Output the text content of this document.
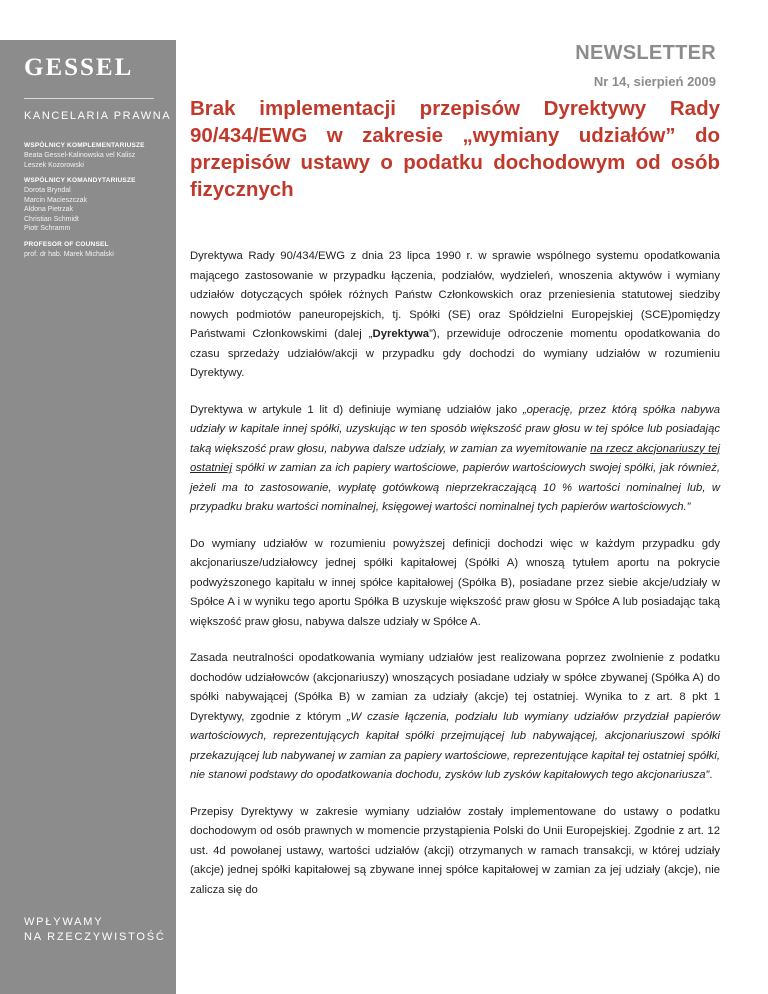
GESSEL
KANCELARIA PRAWNA
WSPÓLNICY KOMPLEMENTARIUSZE
Beata Gessel-Kalinowska vel Kalisz
Leszek Kozorowski
WSPÓLNICY KOMANDYTARIUSZE
Dorota Bryndal
Marcin Macieszczak
Aldona Pietrzak
Christian Schmidt
Piotr Schramm
PROFESOR OF COUNSEL
prof. dr hab. Marek Michalski
WPŁYWAMY
NA RZECZYWISTOŚĆ
NEWSLETTER
Nr 14, sierpień 2009
Brak implementacji przepisów Dyrektywy Rady 90/434/EWG w zakresie „wymiany udziałów” do przepisów ustawy o podatku dochodowym od osób fizycznych

Dyrektywa Rady 90/434/EWG z dnia 23 lipca 1990 r. w sprawie wspólnego systemu opodatkowania mającego zastosowanie w przypadku łączenia, podziałów, wydzieleń, wnoszenia aktywów i wymiany udziałów dotyczących spółek różnych Państw Członkowskich oraz przeniesienia statutowej siedziby nowych podmiotów paneuropejskich, tj. Spółki (SE) oraz Spółdzielni Europejskiej (SCE)pomiędzy Państwami Członkowskimi (dalej „Dyrektywa”), przewiduje odroczenie momentu opodatkowania do czasu sprzedaży udziałów/akcji w przypadku gdy dochodzi do wymiany udziałów w rozumieniu Dyrektywy.

Dyrektywa w artykule 1 lit d) definiuje wymianę udziałów jako „operację, przez którą spółka nabywa udziały w kapitale innej spółki, uzyskując w ten sposób większość praw głosu w tej spółce lub posiadając taką większość praw głosu, nabywa dalsze udziały, w zamian za wyemitowanie na rzecz akcjonariuszy tej ostatniej spółki w zamian za ich papiery wartościowe, papierów wartościowych swojej spółki, jak również, jeżeli ma to zastosowanie, wypłatę gotówkową nieprzekraczającą 10 % wartości nominalnej lub, w przypadku braku wartości nominalnej, księgowej wartości nominalnej tych papierów wartościowych.”

Do wymiany udziałów w rozumieniu powyższej definicji dochodzi więc w każdym przypadku gdy akcjonariusze/udziałowcy jednej spółki kapitałowej (Spółki A) wnoszą tytułem aportu na pokrycie podwyższonego kapitału w innej spółce kapitałowej (Spółka B), posiadane przez siebie akcje/udziały w Spółce A i w wyniku tego aportu Spółka B uzyskuje większość praw głosu w Spółce A lub posiadając taką większość praw głosu, nabywa dalsze udziały w Spółce A.

Zasada neutralności opodatkowania wymiany udziałów jest realizowana poprzez zwolnienie z podatku dochodów udziałowców (akcjonariuszy) wnoszących posiadane udziały w spółce zbywanej (Spółka A) do spółki nabywającej (Spółka B) w zamian za udziały (akcje) tej ostatniej. Wynika to z art. 8 pkt 1 Dyrektywy, zgodnie z którym „W czasie łączenia, podziału lub wymiany udziałów przydział papierów wartościowych, reprezentujących kapitał spółki przejmującej lub nabywającej, akcjonariuszowi spółki przekazującej lub nabywanej w zamian za papiery wartościowe, reprezentujące kapitał tej ostatniej spółki, nie stanowi podstawy do opodatkowania dochodu, zysków lub zysków kapitałowych tego akcjonariusza”.

Przepisy Dyrektywy w zakresie wymiany udziałów zostały implementowane do ustawy o podatku dochodowym od osób prawnych w momencie przystąpienia Polski do Unii Europejskiej. Zgodnie z art. 12 ust. 4d powołanej ustawy, wartości udziałów (akcji) otrzymanych w ramach transakcji, w której udziały (akcje) jednej spółki kapitałowej są zbywane innej spółce kapitałowej w zamian za jej udziały (akcje), nie zalicza się do
